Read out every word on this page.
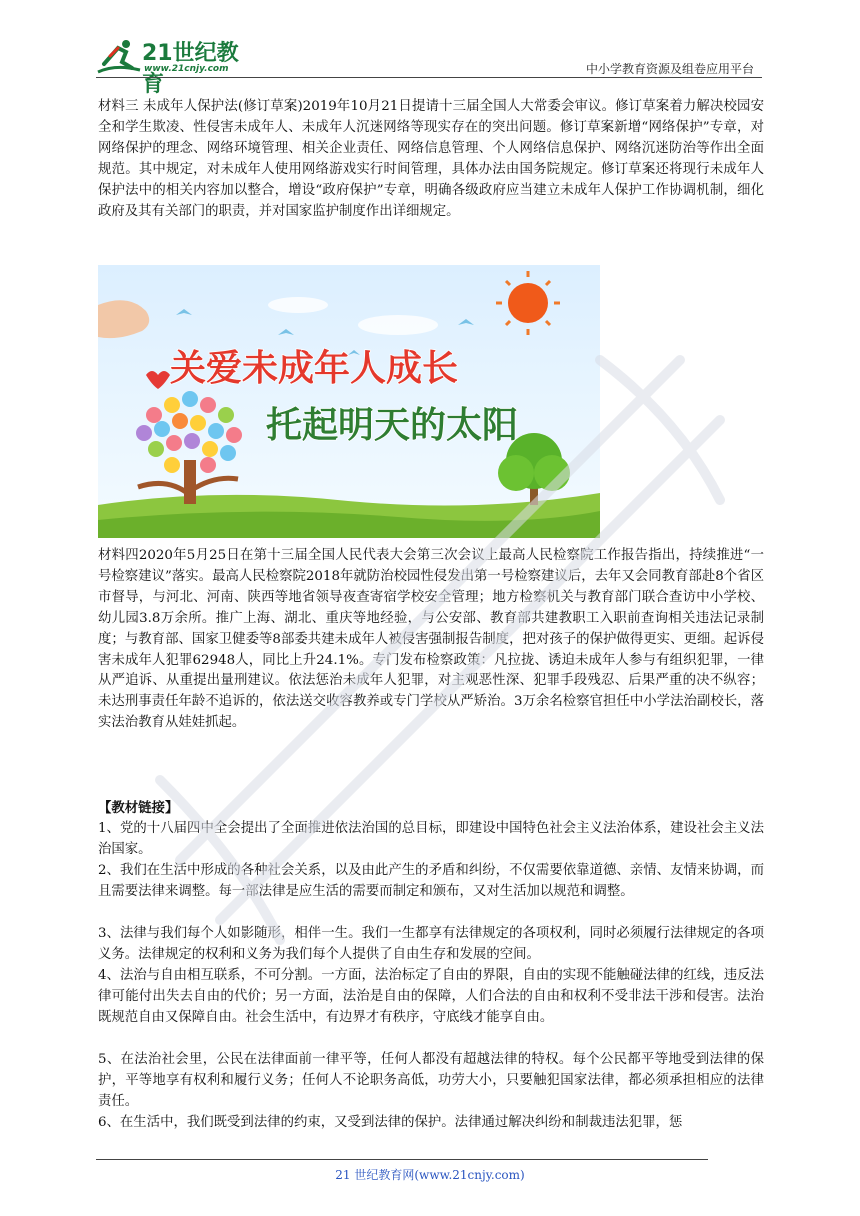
21世纪教育
www.21cnjy.com	中小学教育资源及组卷应用平台

材料三 未成年人保护法(修订草案)2019年10月21日提请十三届全国人大常委会审议。修订草案着力解决校园安全和学生欺凌、性侵害未成年人、未成年人沉迷网络等现实存在的突出问题。修订草案新增“网络保护”专章，对网络保护的理念、网络环境管理、相关企业责任、网络信息管理、个人网络信息保护、网络沉迷防治等作出全面规范。其中规定，对未成年人使用网络游戏实行时间管理，具体办法由国务院规定。修订草案还将现行未成年人保护法中的相关内容加以整合，增设“政府保护”专章，明确各级政府应当建立未成年人保护工作协调机制，细化政府及其有关部门的职责，并对国家监护制度作出详细规定。

关爱未成年人成长
托起明天的太阳

材料四2020年5月25日在第十三届全国人民代表大会第三次会议上最高人民检察院工作报告指出，持续推进“一号检察建议”落实。最高人民检察院2018年就防治校园性侵发出第一号检察建议后，去年又会同教育部赴8个省区市督导，与河北、河南、陕西等地省领导夜查寄宿学校安全管理；地方检察机关与教育部门联合查访中小学校、幼儿园3.8万余所。推广上海、湖北、重庆等地经验，与公安部、教育部共建教职工入职前查询相关违法记录制度；与教育部、国家卫健委等8部委共建未成年人被侵害强制报告制度，把对孩子的保护做得更实、更细。起诉侵害未成年人犯罪62948人，同比上升24.1%。专门发布检察政策：凡拉拢、诱迫未成年人参与有组织犯罪，一律从严追诉、从重提出量刑建议。依法惩治未成年人犯罪，对主观恶性深、犯罪手段残忍、后果严重的决不纵容；未达刑事责任年龄不追诉的，依法送交收容教养或专门学校从严矫治。3万余名检察官担任中小学法治副校长，落实法治教育从娃娃抓起。

【教材链接】

1、党的十八届四中全会提出了全面推进依法治国的总目标，即建设中国特色社会主义法治体系，建设社会主义法治国家。

2、我们在生活中形成的各种社会关系，以及由此产生的矛盾和纠纷，不仅需要依靠道德、亲情、友情来协调，而且需要法律来调整。每一部法律是应生活的需要而制定和颁布，又对生活加以规范和调整。

3、法律与我们每个人如影随形，相伴一生。我们一生都享有法律规定的各项权利，同时必须履行法律规定的各项义务。法律规定的权利和义务为我们每个人提供了自由生存和发展的空间。

4、法治与自由相互联系，不可分割。一方面，法治标定了自由的界限，自由的实现不能触碰法律的红线，违反法律可能付出失去自由的代价；另一方面，法治是自由的保障，人们合法的自由和权利不受非法干涉和侵害。法治既规范自由又保障自由。社会生活中，有边界才有秩序，守底线才能享自由。

5、在法治社会里，公民在法律面前一律平等，任何人都没有超越法律的特权。每个公民都平等地受到法律的保护，平等地享有权利和履行义务；任何人不论职务高低，功劳大小，只要触犯国家法律，都必须承担相应的法律责任。

6、在生活中，我们既受到法律的约束，又受到法律的保护。法律通过解决纠纷和制裁违法犯罪，惩

21 世纪教育网(www.21cnjy.com)
